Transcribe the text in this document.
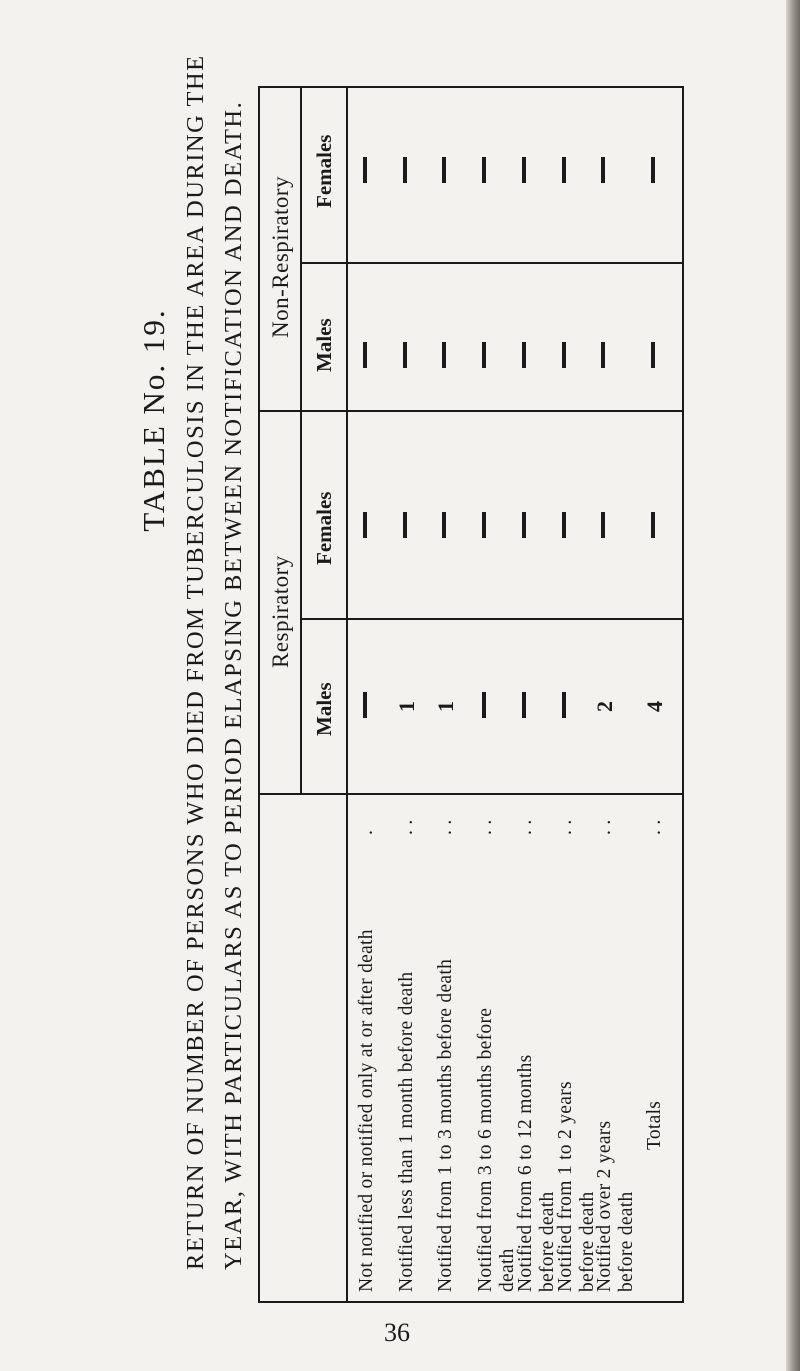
TABLE No. 19. RETURN OF NUMBER OF PERSONS WHO DIED FROM TUBERCULOSIS IN THE AREA DURING THE YEAR, WITH PARTICULARS AS TO PERIOD ELAPSING BETWEEN NOTIFICATION AND DEATH. Non-Respiratory
Respiratory
Females
Males
Females
Males
Not notified or notified only at or after death Notified less than 1 month before death Notified from 1 to 3 months before death Notified from 3 to 6 months before death
Notified from 6 to 12 months before death
Notified from 1 to 2 years before death
Notified over 2 years before death
Totals
. . . . . . . . . . . . . . .
1 1	2 4
36
